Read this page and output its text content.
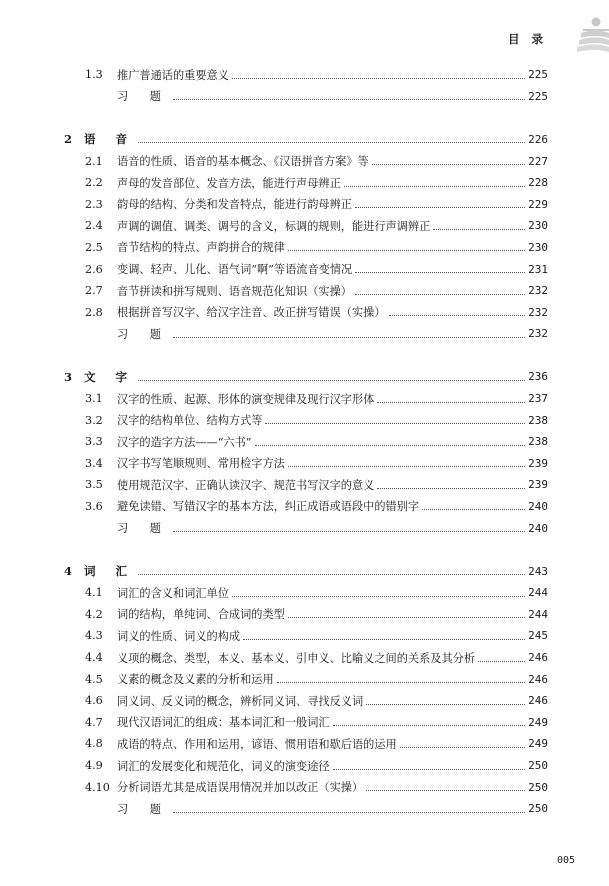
目 录
1.3	推广普通话的重要意义	225
习 题	225
2	语 音	226
2.1	语音的性质、语音的基本概念、《汉语拼音方案》等	227
2.2	声母的发音部位、发音方法，能进行声母辨正	228
2.3	韵母的结构、分类和发音特点，能进行韵母辨正	229
2.4	声调的调值、调类、调号的含义，标调的规则，能进行声调辨正	230
2.5	音节结构的特点、声韵拼合的规律	230
2.6	变调、轻声、儿化、语气词“啊”等语流音变情况	231
2.7	音节拼读和拼写规则、语音规范化知识（实操）	232
2.8	根据拼音写汉字、给汉字注音、改正拼写错误（实操）	232
习 题	232
3	文 字	236
3.1	汉字的性质、起源、形体的演变规律及现行汉字形体	237
3.2	汉字的结构单位、结构方式等	238
3.3	汉字的造字方法——“六书”	238
3.4	汉字书写笔顺规则、常用检字方法	239
3.5	使用规范汉字、正确认读汉字、规范书写汉字的意义	239
3.6	避免读错、写错汉字的基本方法，纠正成语或语段中的错别字	240
习 题	240
4	词 汇	243
4.1	词汇的含义和词汇单位	244
4.2	词的结构，单纯词、合成词的类型	244
4.3	词义的性质、词义的构成	245
4.4	义项的概念、类型，本义、基本义、引申义、比喻义之间的关系及其分析	246
4.5	义素的概念及义素的分析和运用	246
4.6	同义词、反义词的概念，辨析同义词、寻找反义词	246
4.7	现代汉语词汇的组成：基本词汇和一般词汇	249
4.8	成语的特点、作用和运用，谚语、惯用语和歇后语的运用	249
4.9	词汇的发展变化和规范化，词义的演变途径	250
4.10 分析词语尤其是成语误用情况并加以改正（实操）	250
习 题	250
005
